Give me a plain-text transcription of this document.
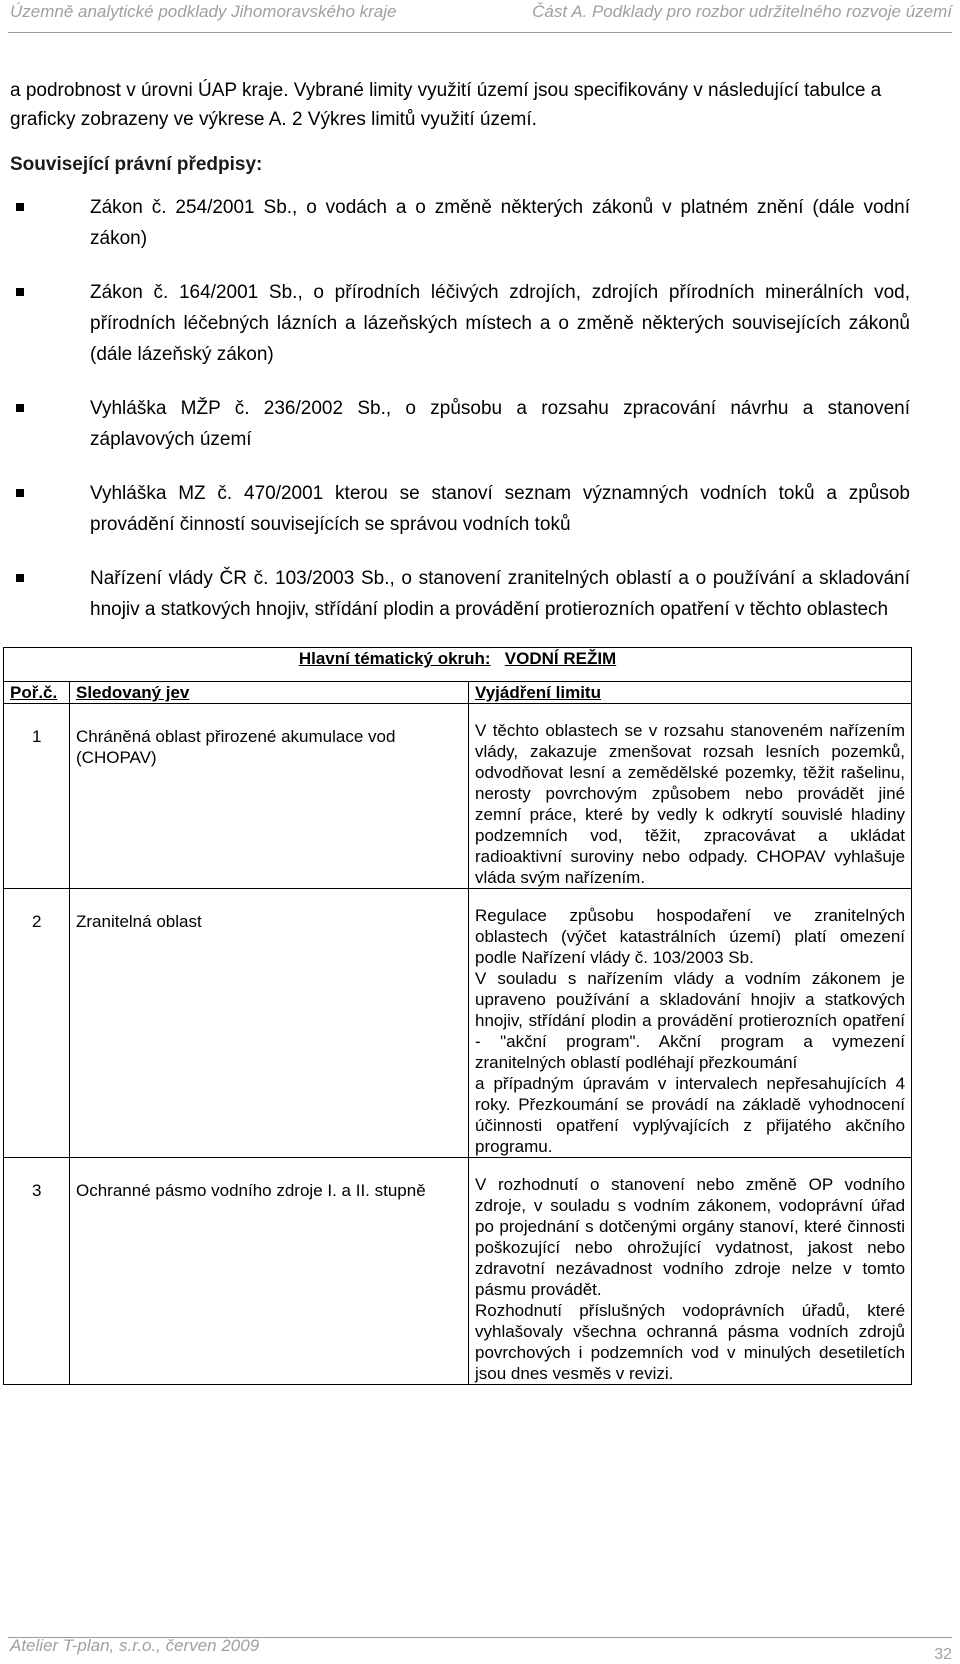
Územně analytické podklady Jihomoravského kraje	Část A. Podklady pro rozbor udržitelného rozvoje území

a podrobnost v úrovni ÚAP kraje. Vybrané limity využití území jsou specifikovány v následující tabulce a graficky zobrazeny ve výkrese A. 2 Výkres limitů využití území.

Související právní předpisy:
Zákon č. 254/2001 Sb., o vodách a o změně některých zákonů v platném znění (dále vodní zákon)
Zákon č. 164/2001 Sb., o přírodních léčivých zdrojích, zdrojích přírodních minerálních vod, přírodních léčebných lázních a lázeňských místech a o změně některých souvisejících zákonů (dále lázeňský zákon)
Vyhláška MŽP č. 236/2002 Sb., o způsobu a rozsahu zpracování návrhu a stanovení záplavových území
Vyhláška MZ č. 470/2001 kterou se stanoví seznam významných vodních toků a způsob provádění činností souvisejících se správou vodních toků
Nařízení vlády ČR č. 103/2003 Sb., o stanovení zranitelných oblastí a o používání a skladování hnojiv a statkových hnojiv, střídání plodin a provádění protierozních opatření v těchto oblastech
Hlavní tématický okruh: VODNÍ REŽIM		
Poř.č.	Sledovaný jev	Vyjádření limitu
1	Chráněná oblast přirozené akumulace vod (CHOPAV)	V těchto oblastech se v rozsahu stanoveném nařízením vlády, zakazuje zmenšovat rozsah lesních pozemků, odvodňovat lesní a zemědělské pozemky, těžit rašelinu, nerosty povrchovým způsobem nebo provádět jiné zemní práce, které by vedly k odkrytí souvislé hladiny podzemních vod, těžit, zpracovávat a ukládat radioaktivní suroviny nebo odpady. CHOPAV vyhlašuje vláda svým nařízením.

2	Zranitelná oblast	Regulace způsobu hospodaření ve zranitelných oblastech (výčet katastrálních území) platí omezení podle Nařízení vlády č. 103/2003 Sb.

V souladu s nařízením vlády a vodním zákonem je upraveno používání a skladování hnojiv a statkových hnojiv, střídání plodin a provádění protierozních opatření - "akční program". Akční program a vymezení zranitelných oblastí podléhají přezkoumání

a případným úpravám v intervalech nepřesahujících 4 roky. Přezkoumání se provádí na základě vyhodnocení účinnosti opatření vyplývajících z přijatého akčního programu.

3	Ochranné pásmo vodního zdroje I. a II. stupně	V rozhodnutí o stanovení nebo změně OP vodního zdroje, v souladu s vodním zákonem, vodoprávní úřad po projednání s dotčenými orgány stanoví, které činnosti poškozující nebo ohrožující vydatnost, jakost nebo zdravotní nezávadnost vodního zdroje nelze v tomto pásmu provádět.

Rozhodnutí příslušných vodoprávních úřadů, které vyhlašovaly všechna ochranná pásma vodních zdrojů povrchových i podzemních vod v minulých desetiletích jsou dnes vesměs v revizi.

Atelier T-plan, s.r.o., červen 2009	32
